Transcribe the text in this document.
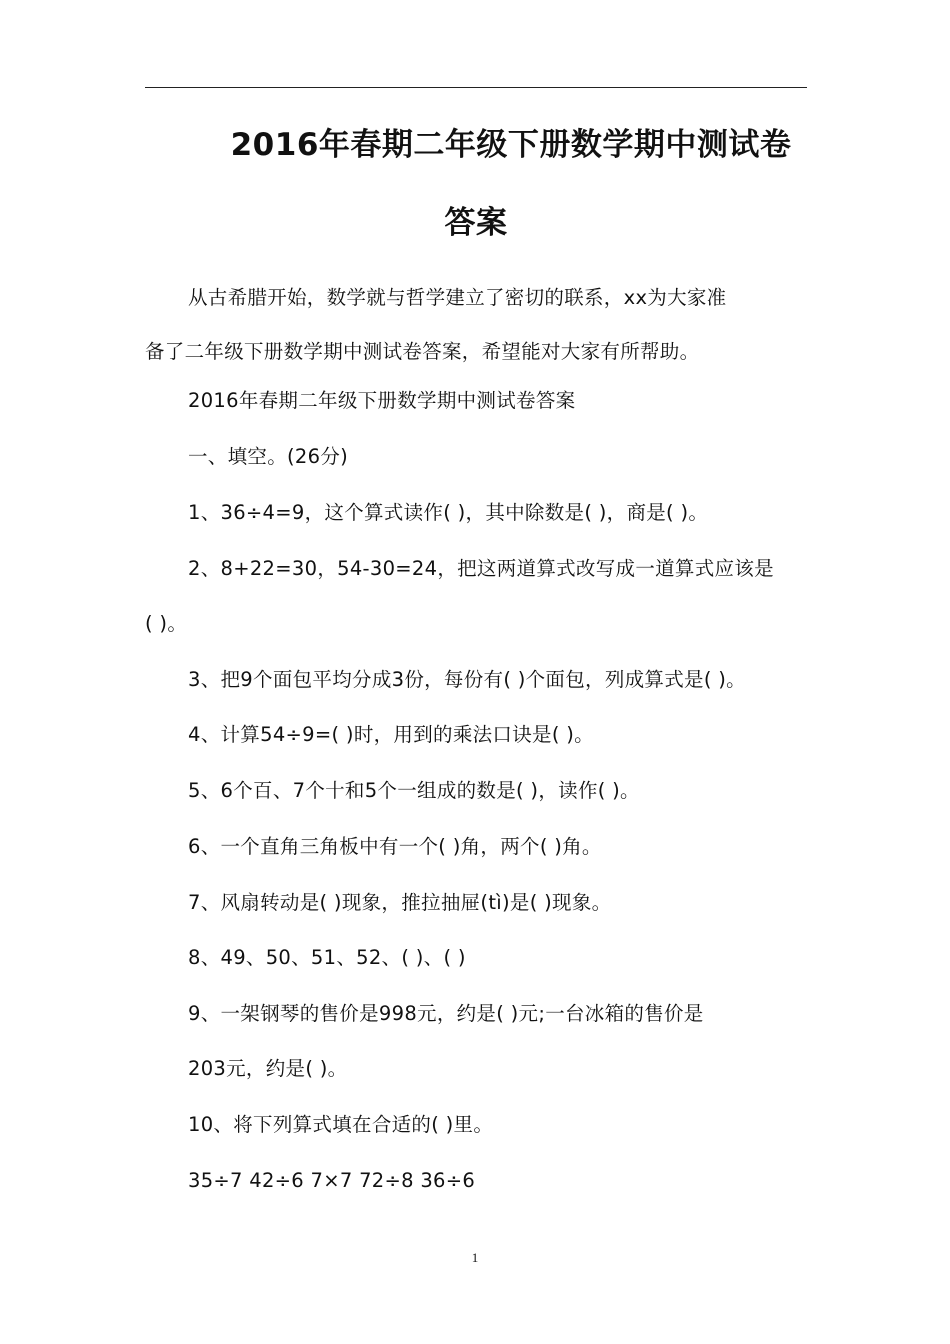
2016年春期二年级下册数学期中测试卷
答案
从古希腊开始，数学就与哲学建立了密切的联系，xx为大家准
备了二年级下册数学期中测试卷答案，希望能对大家有所帮助。
2016年春期二年级下册数学期中测试卷答案
一、填空。(26分)
1、36÷4=9，这个算式读作( )，其中除数是( )，商是( )。
2、8+22=30，54-30=24，把这两道算式改写成一道算式应该是
( )。
3、把9个面包平均分成3份，每份有( )个面包，列成算式是( )。
4、计算54÷9=( )时，用到的乘法口诀是( )。
5、6个百、7个十和5个一组成的数是( )，读作( )。
6、一个直角三角板中有一个( )角，两个( )角。
7、风扇转动是( )现象，推拉抽屉(tì)是( )现象。
8、49、50、51、52、( )、( )
9、一架钢琴的售价是998元，约是( )元;一台冰箱的售价是
203元，约是( )。
10、将下列算式填在合适的( )里。
35÷7 42÷6 7×7 72÷8 36÷6
1
